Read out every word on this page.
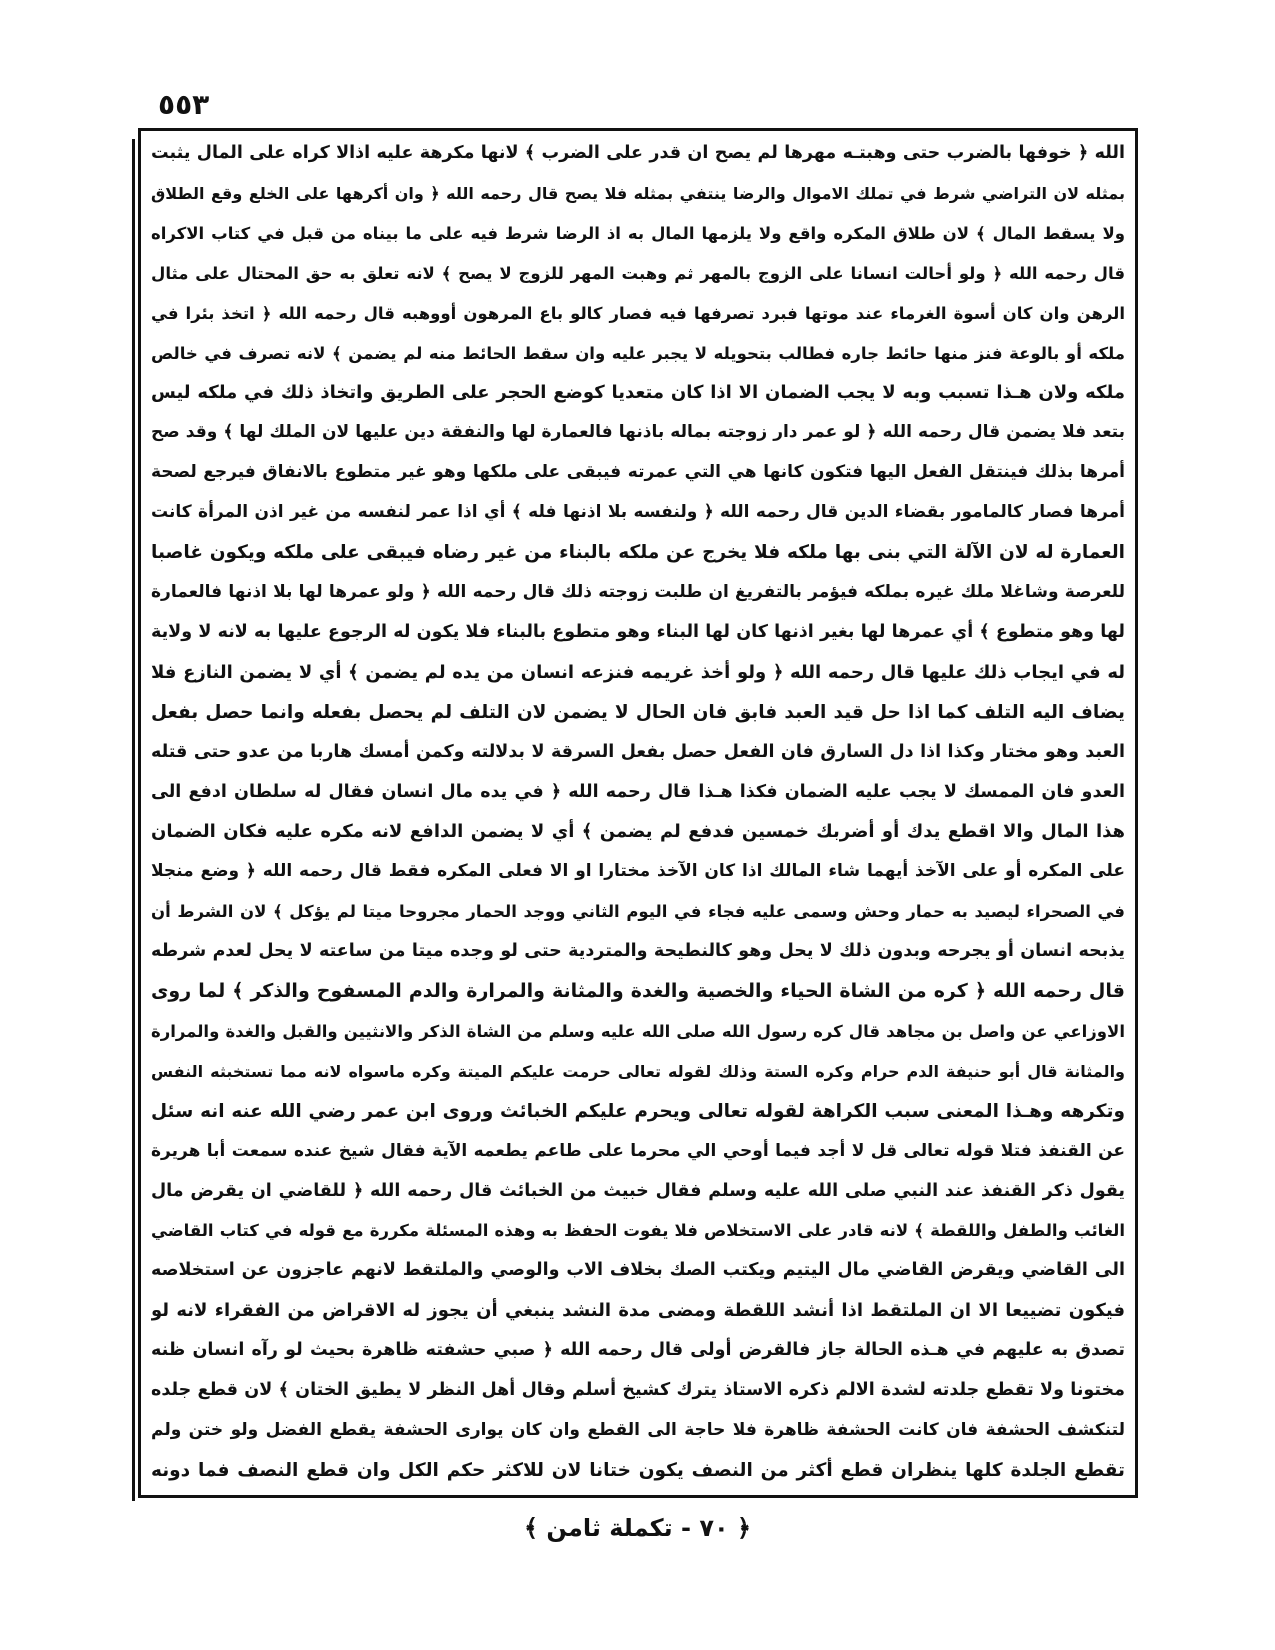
٥٥٣
الله ﴿ خوفها بالضرب حتى وهبتـه مهرها لم يصح ان قدر على الضرب ﴾ لانها مكرهة عليه اذالا كراه على المال يثبت
بمثله لان التراضي شرط في تملك الاموال والرضا ينتفي بمثله فلا يصح قال رحمه الله ﴿ وان أكرهها على الخلع وقع الطلاق
ولا يسقط المال ﴾ لان طلاق المكره واقع ولا يلزمها المال به اذ الرضا شرط فيه على ما بيناه من قبل في كتاب الاكراه
قال رحمه الله ﴿ ولو أحالت انسانا على الزوج بالمهر ثم وهبت المهر للزوج لا يصح ﴾ لانه تعلق به حق المحتال على مثال
الرهن وان كان أسوة الغرماء عند موتها فبرد تصرفها فيه فصار كالو باع المرهون أووهبه قال رحمه الله ﴿ اتخذ بئرا في
ملكه أو بالوعة فنز منها حائط جاره فطالب بتحويله لا يجبر عليه وان سقط الحائط منه لم يضمن ﴾ لانه تصرف في خالص
ملكه ولان هـذا تسبب وبه لا يجب الضمان الا اذا كان متعديا كوضع الحجر على الطريق واتخاذ ذلك في ملكه ليس
بتعد فلا يضمن قال رحمه الله ﴿ لو عمر دار زوجته بماله باذنها فالعمارة لها والنفقة دين عليها لان الملك لها ﴾ وقد صح
أمرها بذلك فينتقل الفعل اليها فتكون كانها هي التي عمرته فيبقى على ملكها وهو غير متطوع بالانفاق فيرجع لصحة
أمرها فصار كالمامور بقضاء الدين قال رحمه الله ﴿ ولنفسه بلا اذنها فله ﴾ أي اذا عمر لنفسه من غير اذن المرأة كانت
العمارة له لان الآلة التي بنى بها ملكه فلا يخرج عن ملكه بالبناء من غير رضاه فيبقى على ملكه ويكون غاصبا
للعرصة وشاغلا ملك غيره بملكه فيؤمر بالتفريغ ان طلبت زوجته ذلك قال رحمه الله ﴿ ولو عمرها لها بلا اذنها فالعمارة
لها وهو متطوع ﴾ أي عمرها لها بغير اذنها كان لها البناء وهو متطوع بالبناء فلا يكون له الرجوع عليها به لانه لا ولاية
له في ايجاب ذلك عليها قال رحمه الله ﴿ ولو أخذ غريمه فنزعه انسان من يده لم يضمن ﴾ أي لا يضمن النازع فلا
يضاف اليه التلف كما اذا حل قيد العبد فابق فان الحال لا يضمن لان التلف لم يحصل بفعله وانما حصل بفعل
العبد وهو مختار وكذا اذا دل السارق فان الفعل حصل بفعل السرقة لا بدلالته وكمن أمسك هاربا من عدو حتى قتله
العدو فان الممسك لا يجب عليه الضمان فكذا هـذا قال رحمه الله ﴿ في يده مال انسان فقال له سلطان ادفع الى
هذا المال والا اقطع يدك أو أضربك خمسين فدفع لم يضمن ﴾ أي لا يضمن الدافع لانه مكره عليه فكان الضمان
على المكره أو على الآخذ أيهما شاء المالك اذا كان الآخذ مختارا او الا فعلى المكره فقط قال رحمه الله ﴿ وضع منجلا
في الصحراء ليصيد به حمار وحش وسمى عليه فجاء في اليوم الثاني ووجد الحمار مجروحا ميتا لم يؤكل ﴾ لان الشرط أن
يذبحه انسان أو يجرحه وبدون ذلك لا يحل وهو كالنطيحة والمتردية حتى لو وجده ميتا من ساعته لا يحل لعدم شرطه
قال رحمه الله ﴿ كره من الشاة الحياء والخصية والغدة والمثانة والمرارة والدم المسفوح والذكر ﴾ لما روى
الاوزاعي عن واصل بن مجاهد قال كره رسول الله صلى الله عليه وسلم من الشاة الذكر والانثيين والقبل والغدة والمرارة
والمثانة قال أبو حنيفة الدم حرام وكره الستة وذلك لقوله تعالى حرمت عليكم الميتة وكره ماسواه لانه مما تستخبثه النفس
وتكرهه وهـذا المعنى سبب الكراهة لقوله تعالى ويحرم عليكم الخبائث وروى ابن عمر رضي الله عنه انه سئل
عن القنفذ فتلا قوله تعالى قل لا أجد فيما أوحي الي محرما على طاعم يطعمه الآية فقال شيخ عنده سمعت أبا هريرة
يقول ذكر القنفذ عند النبي صلى الله عليه وسلم فقال خبيث من الخبائث قال رحمه الله ﴿ للقاضي ان يقرض مال
الغائب والطفل واللقطة ﴾ لانه قادر على الاستخلاص فلا يفوت الحفظ به وهذه المسئلة مكررة مع قوله في كتاب القاضي
الى القاضي ويقرض القاضي مال اليتيم ويكتب الصك بخلاف الاب والوصي والملتقط لانهم عاجزون عن استخلاصه
فيكون تضييعا الا ان الملتقط اذا أنشد اللقطة ومضى مدة النشد ينبغي أن يجوز له الاقراض من الفقراء لانه لو
تصدق به عليهم في هـذه الحالة جاز فالقرض أولى قال رحمه الله ﴿ صبي حشفته ظاهرة بحيث لو رآه انسان ظنه
مختونا ولا تقطع جلدته لشدة الالم ذكره الاستاذ يترك كشيخ أسلم وقال أهل النظر لا يطيق الختان ﴾ لان قطع جلده
لتنكشف الحشفة فان كانت الحشفة ظاهرة فلا حاجة الى القطع وان كان يوارى الحشفة يقطع الفضل ولو ختن ولم
تقطع الجلدة كلها ينظران قطع أكثر من النصف يكون ختانا لان للاكثر حكم الكل وان قطع النصف فما دونه
﴿ ٧٠ - تكملة ثامن ﴾
